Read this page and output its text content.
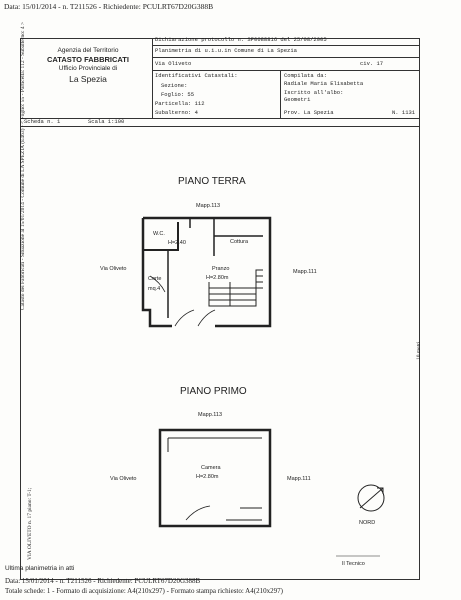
Data: 15/01/2014 - n. T211526 - Richiedente: PCULRT67D20G388B
Agenzia del Territorio
CATASTO FABBRICATI
Ufficio Provinciale di
La Spezia
Dichiarazione protocollo n. SP0088816 del 25/08/2005
Planimetria di u.i.u.in Comune di La Spezia
Via Oliveto	civ. 17
Identificativi Catastali:
Sezione:
Foglio: 55
Particella: 112
Subalterno: 4
Compilata da:
Radiale Maria Elisabetta
Iscritto all'albo:
Geometri
Prov. La Spezia	N. 1131
Scheda n. 1	Scala 1:100
Catasto dei Fabbricati - Situazione al 15/01/2014 - Comune di LA SPEZIA (E463) - < Foglio: 55 - Particella: 112 - Subalterno: 4 >
VIA OLIVETO n. 17 piano: T-1;
10 metri
PIANO TERRA
Mapp.113
W.C.
H=2.40	Cottura
Pranzo
H=2.80m
Via Oliveto
Corte
mq.4
Mapp.111
PIANO PRIMO
Mapp.113
Camera
H=2.80m
Via Oliveto	Mapp.111
NORD
Il Tecnico
Ultima planimetria in atti
Data: 15/01/2014 - n. T211526 - Richiedente: PCULRT67D20G388B
Totale schede: 1 - Formato di acquisizione: A4(210x297) - Formato stampa richiesto: A4(210x297)
